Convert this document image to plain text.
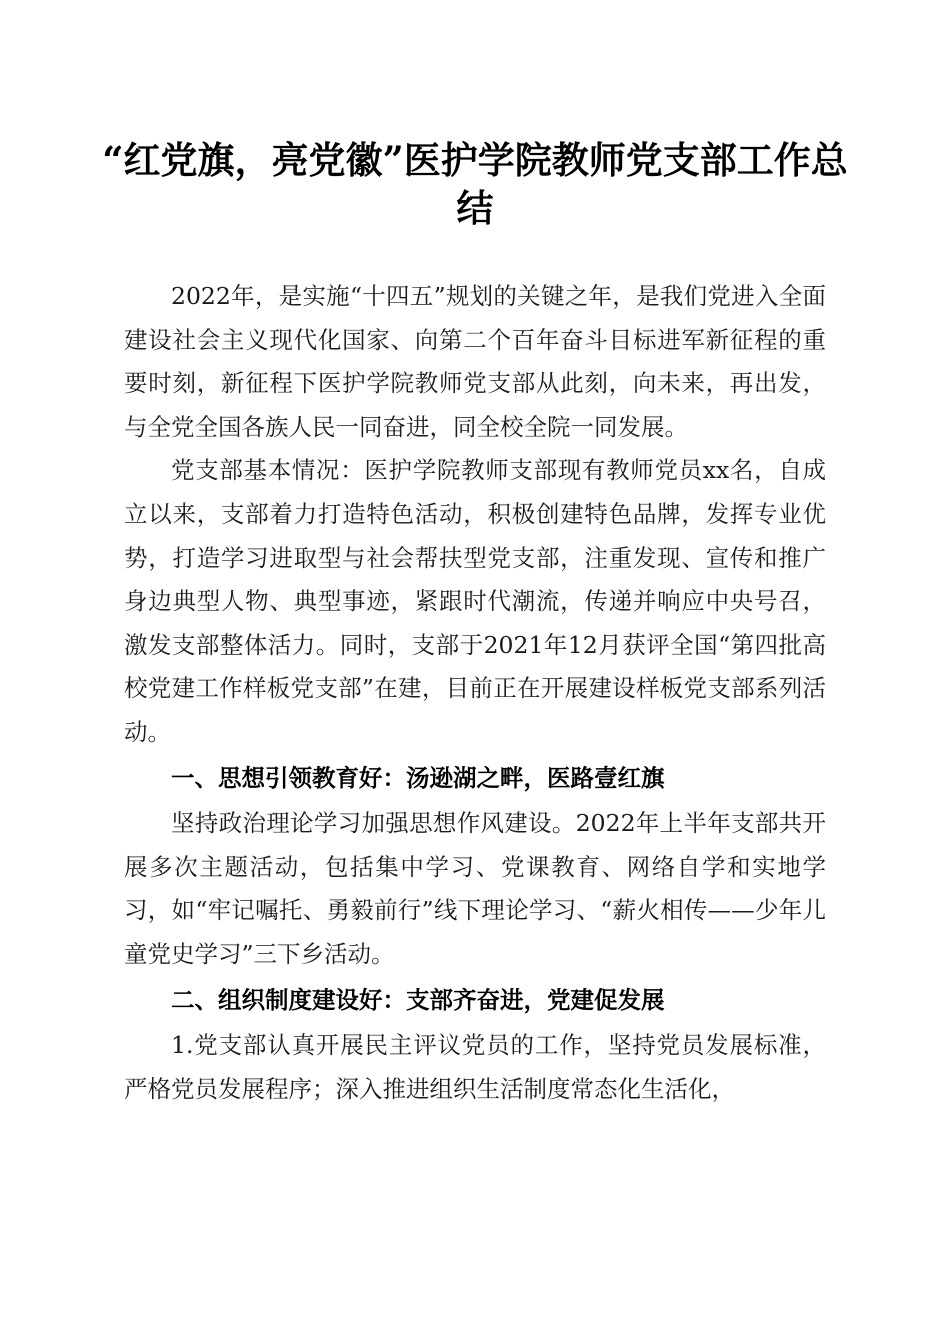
“红党旗，亮党徽”医护学院教师党支部工作总结

2022年，是实施“十四五”规划的关键之年，是我们党进入全面建设社会主义现代化国家、向第二个百年奋斗目标进军新征程的重要时刻，新征程下医护学院教师党支部从此刻，向未来，再出发，与全党全国各族人民一同奋进，同全校全院一同发展。

党支部基本情况：医护学院教师支部现有教师党员xx名，自成立以来，支部着力打造特色活动，积极创建特色品牌，发挥专业优势，打造学习进取型与社会帮扶型党支部，注重发现、宣传和推广身边典型人物、典型事迹，紧跟时代潮流，传递并响应中央号召，激发支部整体活力。同时，支部于2021年12月获评全国“第四批高校党建工作样板党支部”在建，目前正在开展建设样板党支部系列活动。

一、思想引领教育好：汤逊湖之畔，医路壹红旗

坚持政治理论学习加强思想作风建设。2022年上半年支部共开展多次主题活动，包括集中学习、党课教育、网络自学和实地学习，如“牢记嘱托、勇毅前行”线下理论学习、“薪火相传——少年儿童党史学习”三下乡活动。

二、组织制度建设好：支部齐奋进，党建促发展

1.党支部认真开展民主评议党员的工作，坚持党员发展标准，严格党员发展程序；深入推进组织生活制度常态化生活化，
